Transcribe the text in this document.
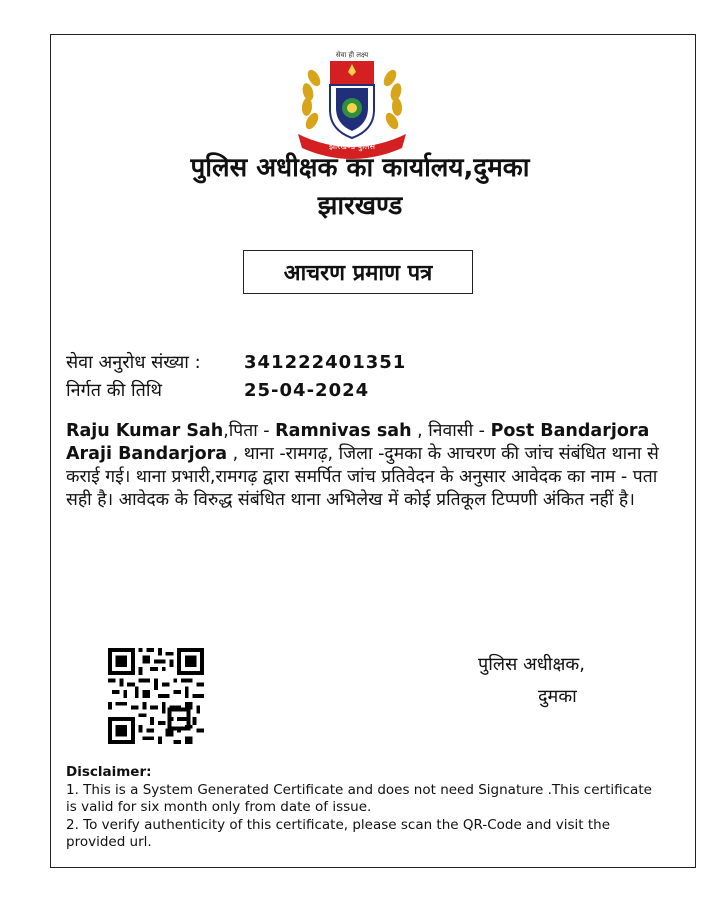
सेवा ही लक्ष्य
झारखण्ड पुलिस
पुलिस अधीक्षक का कार्यालय,दुमका
झारखण्ड
आचरण प्रमाण पत्र
सेवा अनुरोध संख्या : 341222401351
निर्गत की तिथि	25-04-2024
Raju Kumar Sah,पिता - Ramnivas sah , निवासी - Post Bandarjora Araji Bandarjora , थाना -रामगढ़, जिला -दुमका के आचरण की जांच संबंधित थाना से कराई गई। थाना प्रभारी,रामगढ़ द्वारा समर्पित जांच प्रतिवेदन के अनुसार आवेदक का नाम - पता सही है। आवेदक के विरुद्ध संबंधित थाना अभिलेख में कोई प्रतिकूल टिप्पणी अंकित नहीं है।
पुलिस अधीक्षक,
दुमका
Disclaimer:
1. This is a System Generated Certificate and does not need Signature .This certificate is valid for six month only from date of issue.
2. To verify authenticity of this certificate, please scan the QR-Code and visit the provided url.
